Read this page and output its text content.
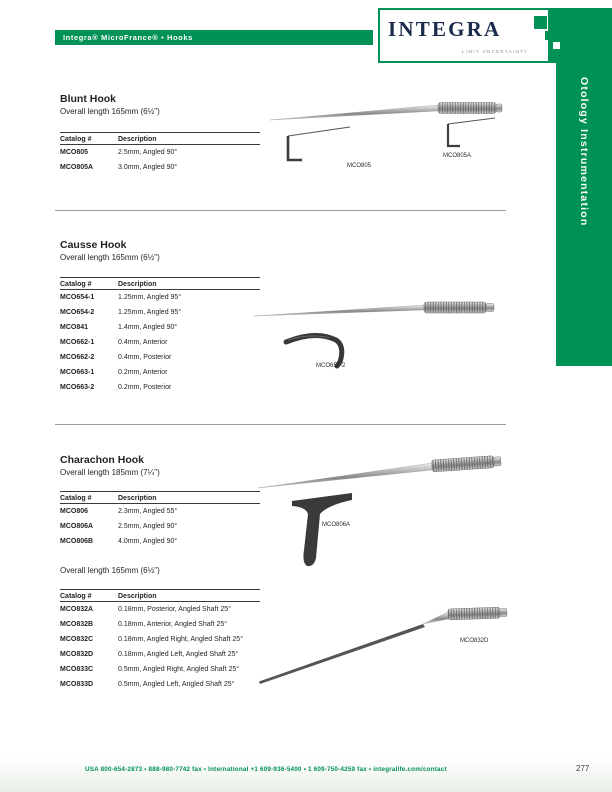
Integra® MicroFrance® ▪ Hooks	INTEGRA
LIMIT UNCERTAINTY
Otology Instrumentation
Blunt Hook
Overall length 165mm (6½")
Catalog #	Description
MCO805	2.5mm, Angled 90°
MCO805A	3.0mm, Angled 90°	MCO805
MCO805A
Causse Hook
Overall length 165mm (6½")
Catalog #	Description
MCO654-1	1.25mm, Angled 95°
MCO654-2	1.25mm, Angled 95°
MCO841	1.4mm, Angled 90°
MCO662-1	0.4mm, Anterior
MCO662-2	0.4mm, Posterior
MCO663-1	0.2mm, Anterior
MCO663-2	0.2mm, Posterior
MCO654-2
Charachon Hook
Overall length 185mm (7¼")
Catalog #	Description
MCO806	2.3mm, Angled 55°
MCO806A	2.5mm, Angled 90°
MCO806B	4.0mm, Angled 90°
MCO806A
Overall length 165mm (6½")
Catalog #	Description
MCO832A	0.18mm, Posterior, Angled Shaft 25°
MCO832B	0.18mm, Anterior, Angled Shaft 25°
MCO832C	0.18mm, Angled Right, Angled Shaft 25°
MCO832D	0.18mm, Angled Left, Angled Shaft 25°
MCO833C	0.5mm, Angled Right, Angled Shaft 25°
MCO833D	0.5mm, Angled Left, Angled Shaft 25°
MCO832D
USA 800-654-2873 ▪ 888-980-7742 fax ▪ International +1 609-936-5400 ▪ 1 609-750-4259 fax ▪ integralife.com/contact	277
